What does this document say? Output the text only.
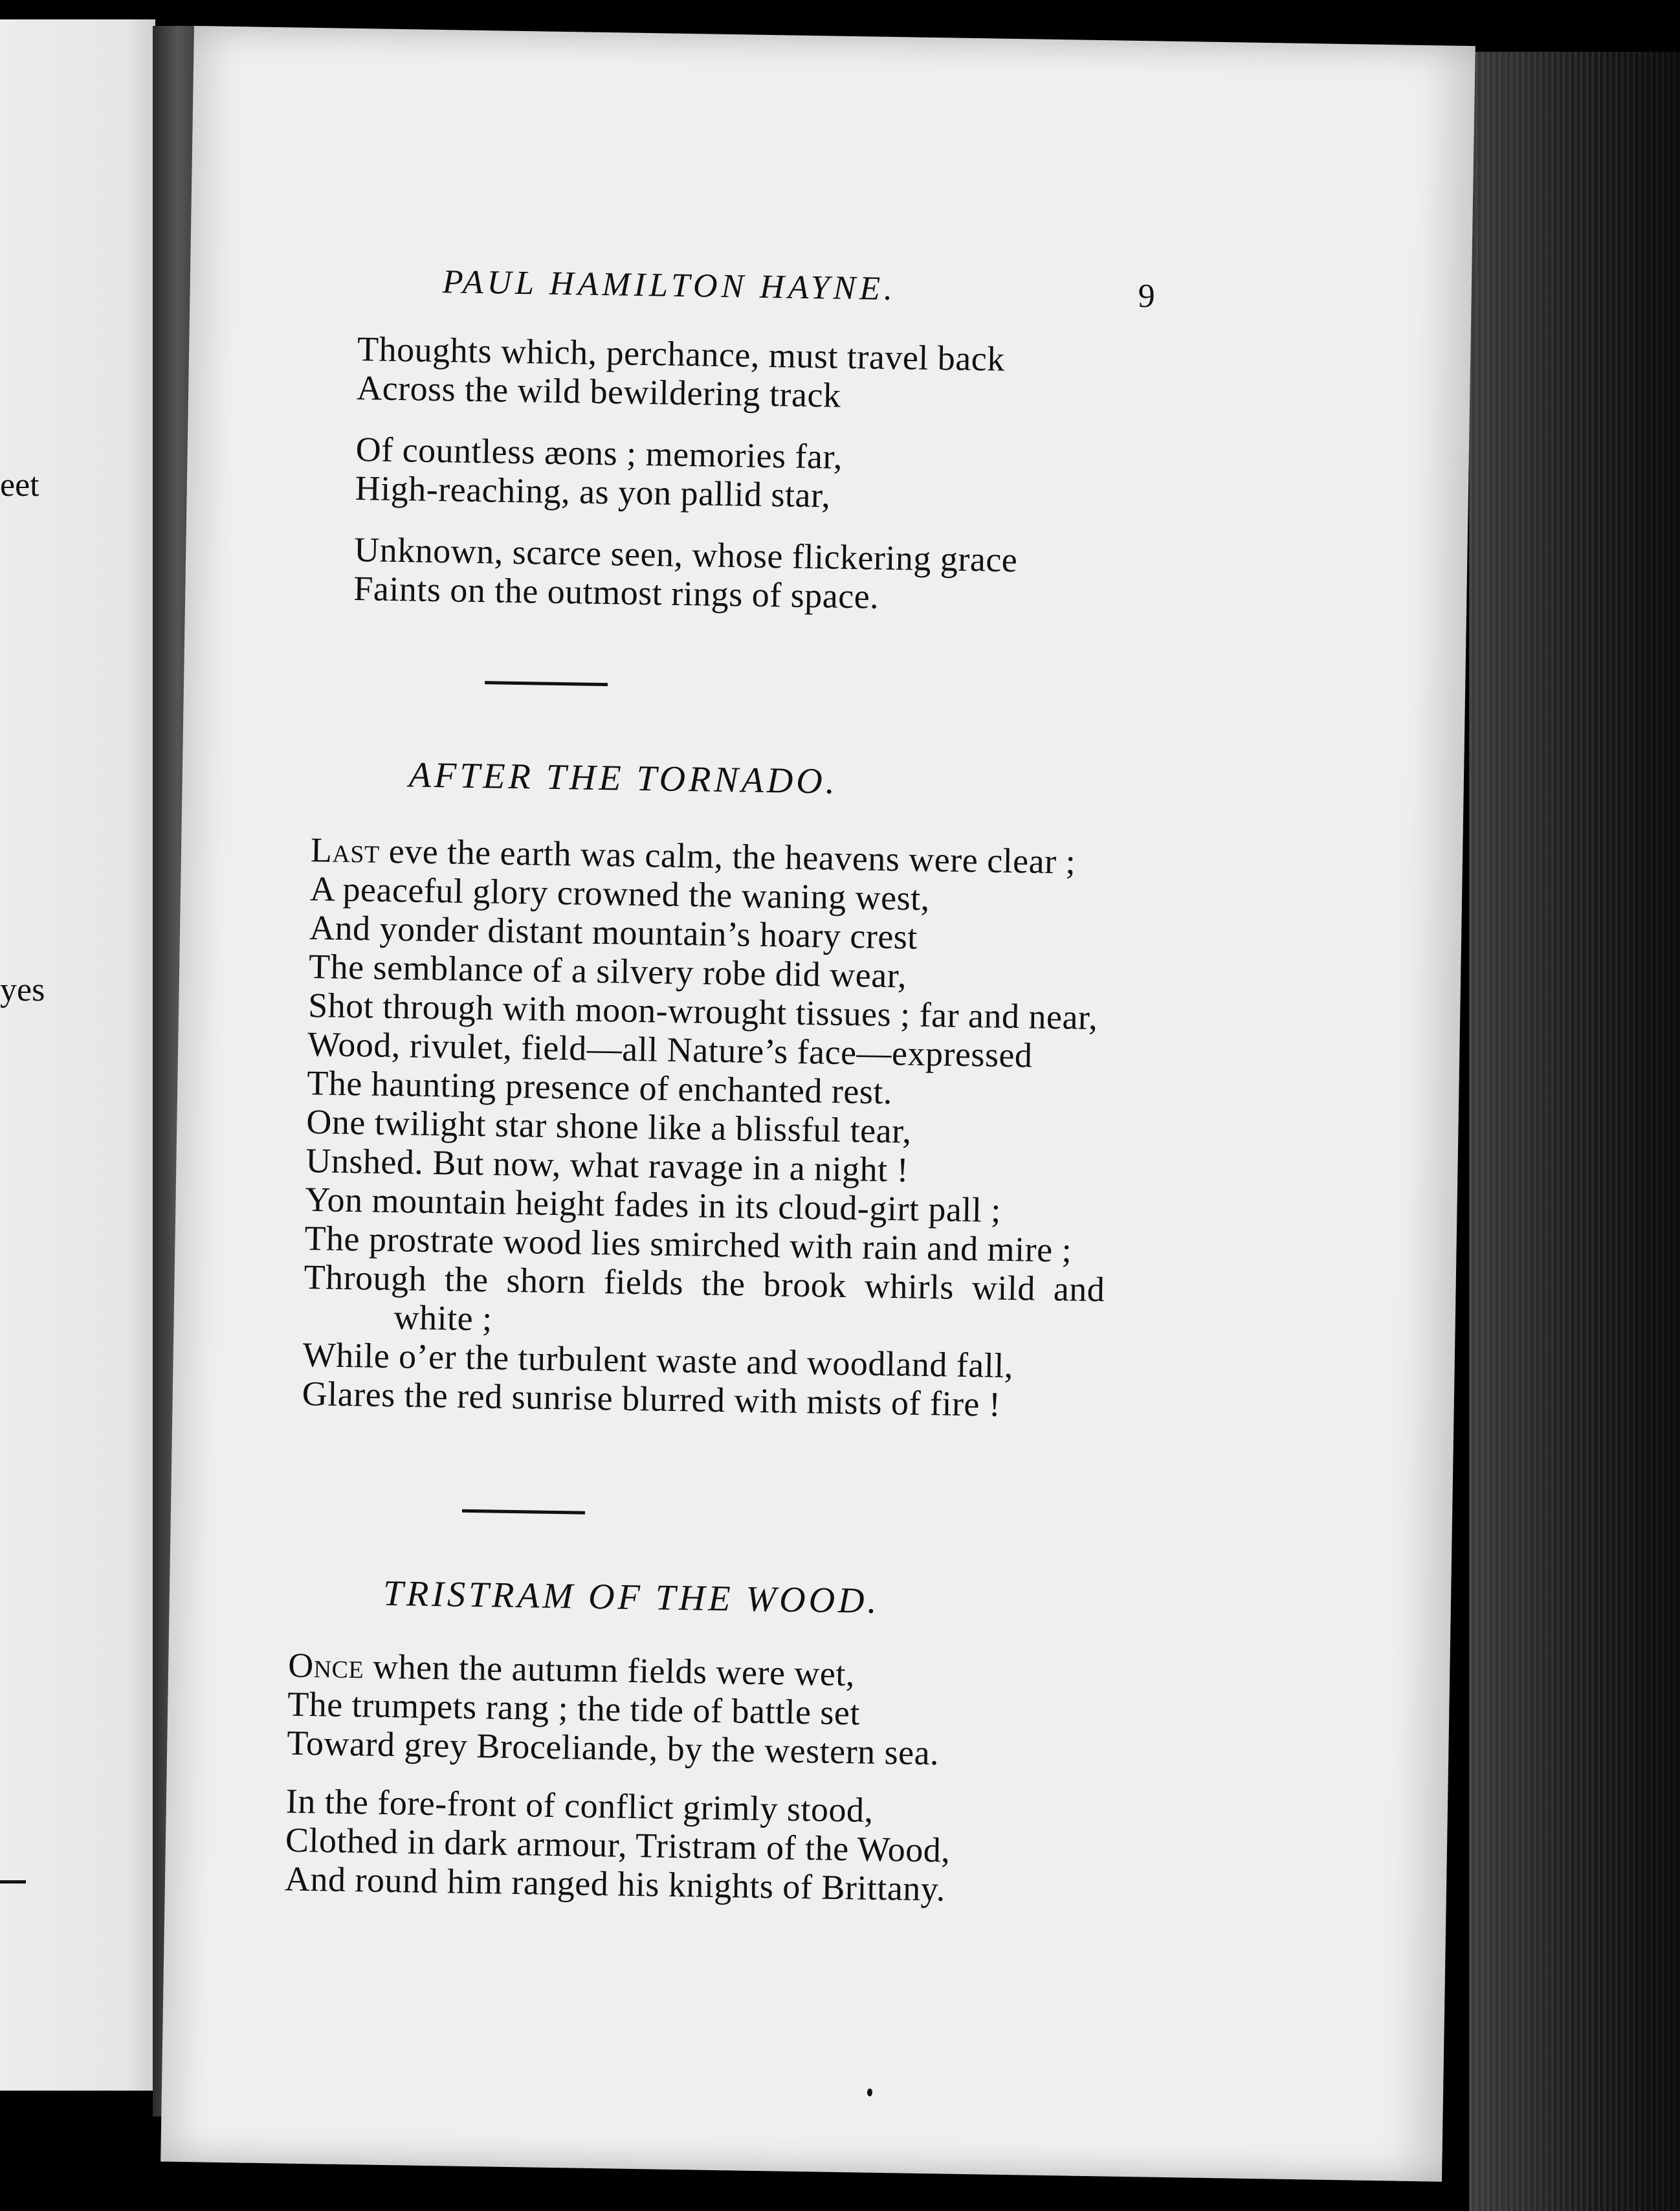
eet
yes
PAUL HAMILTON HAYNE.	9
Thoughts which, perchance, must travel back
Across the wild bewildering track
Of countless æons ; memories far,
High-reaching, as yon pallid star,
Unknown, scarce seen, whose flickering grace
Faints on the outmost rings of space.
AFTER THE TORNADO.
Last eve the earth was calm, the heavens were clear ;
A peaceful glory crowned the waning west,
And yonder distant mountain’s hoary crest
The semblance of a silvery robe did wear,
Shot through with moon-wrought tissues ; far and near,
Wood, rivulet, field—all Nature’s face—expressed
The haunting presence of enchanted rest.
One twilight star shone like a blissful tear,
Unshed. But now, what ravage in a night !
Yon mountain height fades in its cloud-girt pall ;
The prostrate wood lies smirched with rain and mire ;
Through the shorn fields the brook whirls wild and
white ;
While o’er the turbulent waste and woodland fall,
Glares the red sunrise blurred with mists of fire !
TRISTRAM OF THE WOOD.
Once when the autumn fields were wet,
The trumpets rang ; the tide of battle set
Toward grey Broceliande, by the western sea.
In the fore-front of conflict grimly stood,
Clothed in dark armour, Tristram of the Wood,
And round him ranged his knights of Brittany.
